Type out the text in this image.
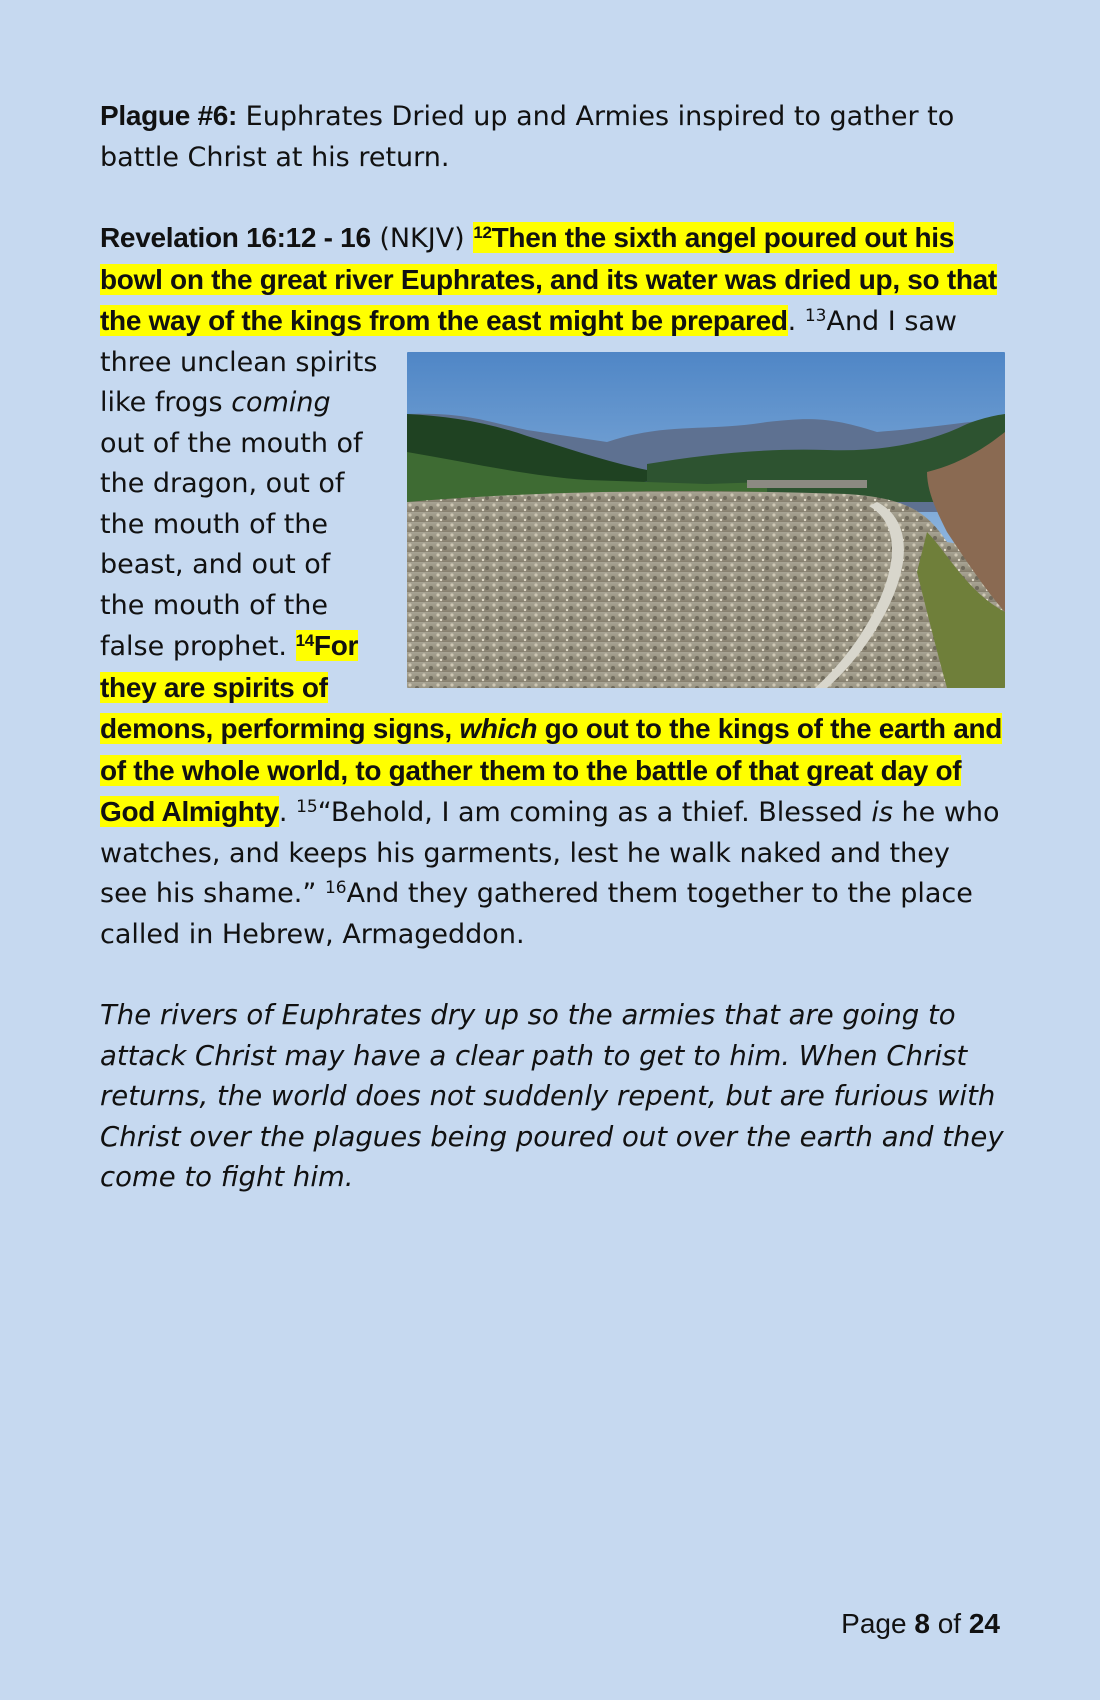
Plague #6: Euphrates Dried up and Armies inspired to gather to battle Christ at his return.

Revelation 16:12 - 16 (NKJV) $^{12}$Then the sixth angel poured out his bowl on the great river Euphrates, and its water was dried up, so that the way of the kings from the east might be prepared.
$^{13}$And I saw three unclean spirits like frogs coming out of the mouth of the dragon, out of the mouth of the beast, and out of the mouth of the false prophet. $^{14}$For they are spirits of demons, performing signs, which go out to the kings of the earth and of the whole world, to gather them to the battle of that great day of God Almighty. $^{15}$“Behold, I am coming as a thief. Blessed is he who watches, and keeps his garments, lest he walk naked and they see his shame.” $^{16}$And they gathered them together to the place called in Hebrew, Armageddon.

The rivers of Euphrates dry up so the armies that are going to attack Christ may have a clear path to get to him. When Christ returns, the world does not suddenly repent, but are furious with Christ over the plagues being poured out over the earth and they come to fight him.

Page 8 of 24
